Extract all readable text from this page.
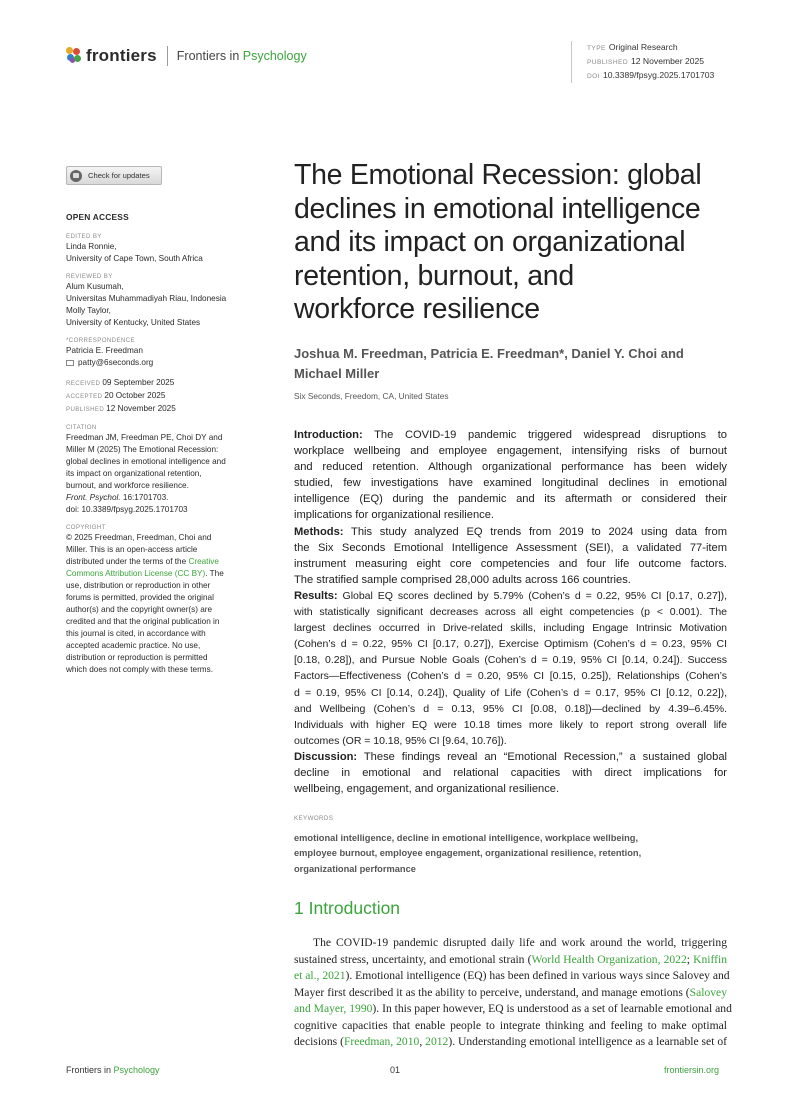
frontiers Frontiers in Psychology
TYPE Original Research
PUBLISHED 12 November 2025
DOI 10.3389/fpsyg.2025.1701703
Check for updates
OPEN ACCESS
EDITED BY
Linda Ronnie,
University of Cape Town, South Africa
REVIEWED BY
Alum Kusumah,
Universitas Muhammadiyah Riau, Indonesia
Molly Taylor,
University of Kentucky, United States
*CORRESPONDENCE
Patricia E. Freedman
patty@6seconds.org
RECEIVED 09 September 2025
ACCEPTED 20 October 2025
PUBLISHED 12 November 2025
CITATION
Freedman JM, Freedman PE, Choi DY and
Miller M (2025) The Emotional Recession:
global declines in emotional intelligence and
its impact on organizational retention,
burnout, and workforce resilience.
Front. Psychol. 16:1701703.
doi: 10.3389/fpsyg.2025.1701703
COPYRIGHT
© 2025 Freedman, Freedman, Choi and
Miller. This is an open-access article
distributed under the terms of the Creative
Commons Attribution License (CC BY). The
use, distribution or reproduction in other
forums is permitted, provided the original
author(s) and the copyright owner(s) are
credited and that the original publication in
this journal is cited, in accordance with
accepted academic practice. No use,
distribution or reproduction is permitted
which does not comply with these terms.
The Emotional Recession: global
declines in emotional intelligence
and its impact on organizational
retention, burnout, and
workforce resilience
Joshua M. Freedman, Patricia E. Freedman*, Daniel Y. Choi and
Michael Miller
Six Seconds, Freedom, CA, United States
Introduction: The COVID-19 pandemic triggered widespread disruptions to
workplace wellbeing and employee engagement, intensifying risks of burnout
and reduced retention. Although organizational performance has been widely
studied, few investigations have examined longitudinal declines in emotional
intelligence (EQ) during the pandemic and its aftermath or considered their
implications for organizational resilience.
Methods: This study analyzed EQ trends from 2019 to 2024 using data from
the Six Seconds Emotional Intelligence Assessment (SEI), a validated 77-item
instrument measuring eight core competencies and four life outcome factors.
The stratified sample comprised 28,000 adults across 166 countries.
Results: Global EQ scores declined by 5.79% (Cohen’s d = 0.22, 95% CI [0.17, 0.27]),
with statistically significant decreases across all eight competencies (p < 0.001). The
largest declines occurred in Drive-related skills, including Engage Intrinsic Motivation
(Cohen’s d = 0.22, 95% CI [0.17, 0.27]), Exercise Optimism (Cohen’s d = 0.23, 95% CI
[0.18, 0.28]), and Pursue Noble Goals (Cohen’s d = 0.19, 95% CI [0.14, 0.24]). Success
Factors—Effectiveness (Cohen’s d = 0.20, 95% CI [0.15, 0.25]), Relationships (Cohen’s
d = 0.19, 95% CI [0.14, 0.24]), Quality of Life (Cohen’s d = 0.17, 95% CI [0.12, 0.22]),
and Wellbeing (Cohen’s d = 0.13, 95% CI [0.08, 0.18])—declined by 4.39–6.45%.
Individuals with higher EQ were 10.18 times more likely to report strong overall life
outcomes (OR = 10.18, 95% CI [9.64, 10.76]).
Discussion: These findings reveal an “Emotional Recession,” a sustained global
decline in emotional and relational capacities with direct implications for
wellbeing, engagement, and organizational resilience.
KEYWORDS
emotional intelligence, decline in emotional intelligence, workplace wellbeing,
employee burnout, employee engagement, organizational resilience, retention,
organizational performance
1 Introduction
The COVID-19 pandemic disrupted daily life and work around the world, triggering
sustained stress, uncertainty, and emotional strain (World Health Organization, 2022; Kniffin
et al., 2021). Emotional intelligence (EQ) has been defined in various ways since Salovey and
Mayer first described it as the ability to perceive, understand, and manage emotions (Salovey
and Mayer, 1990). In this paper however, EQ is understood as a set of learnable emotional and
cognitive capacities that enable people to integrate thinking and feeling to make optimal
decisions (Freedman, 2010, 2012). Understanding emotional intelligence as a learnable set of
Frontiers in Psychology	01	frontiersin.org
